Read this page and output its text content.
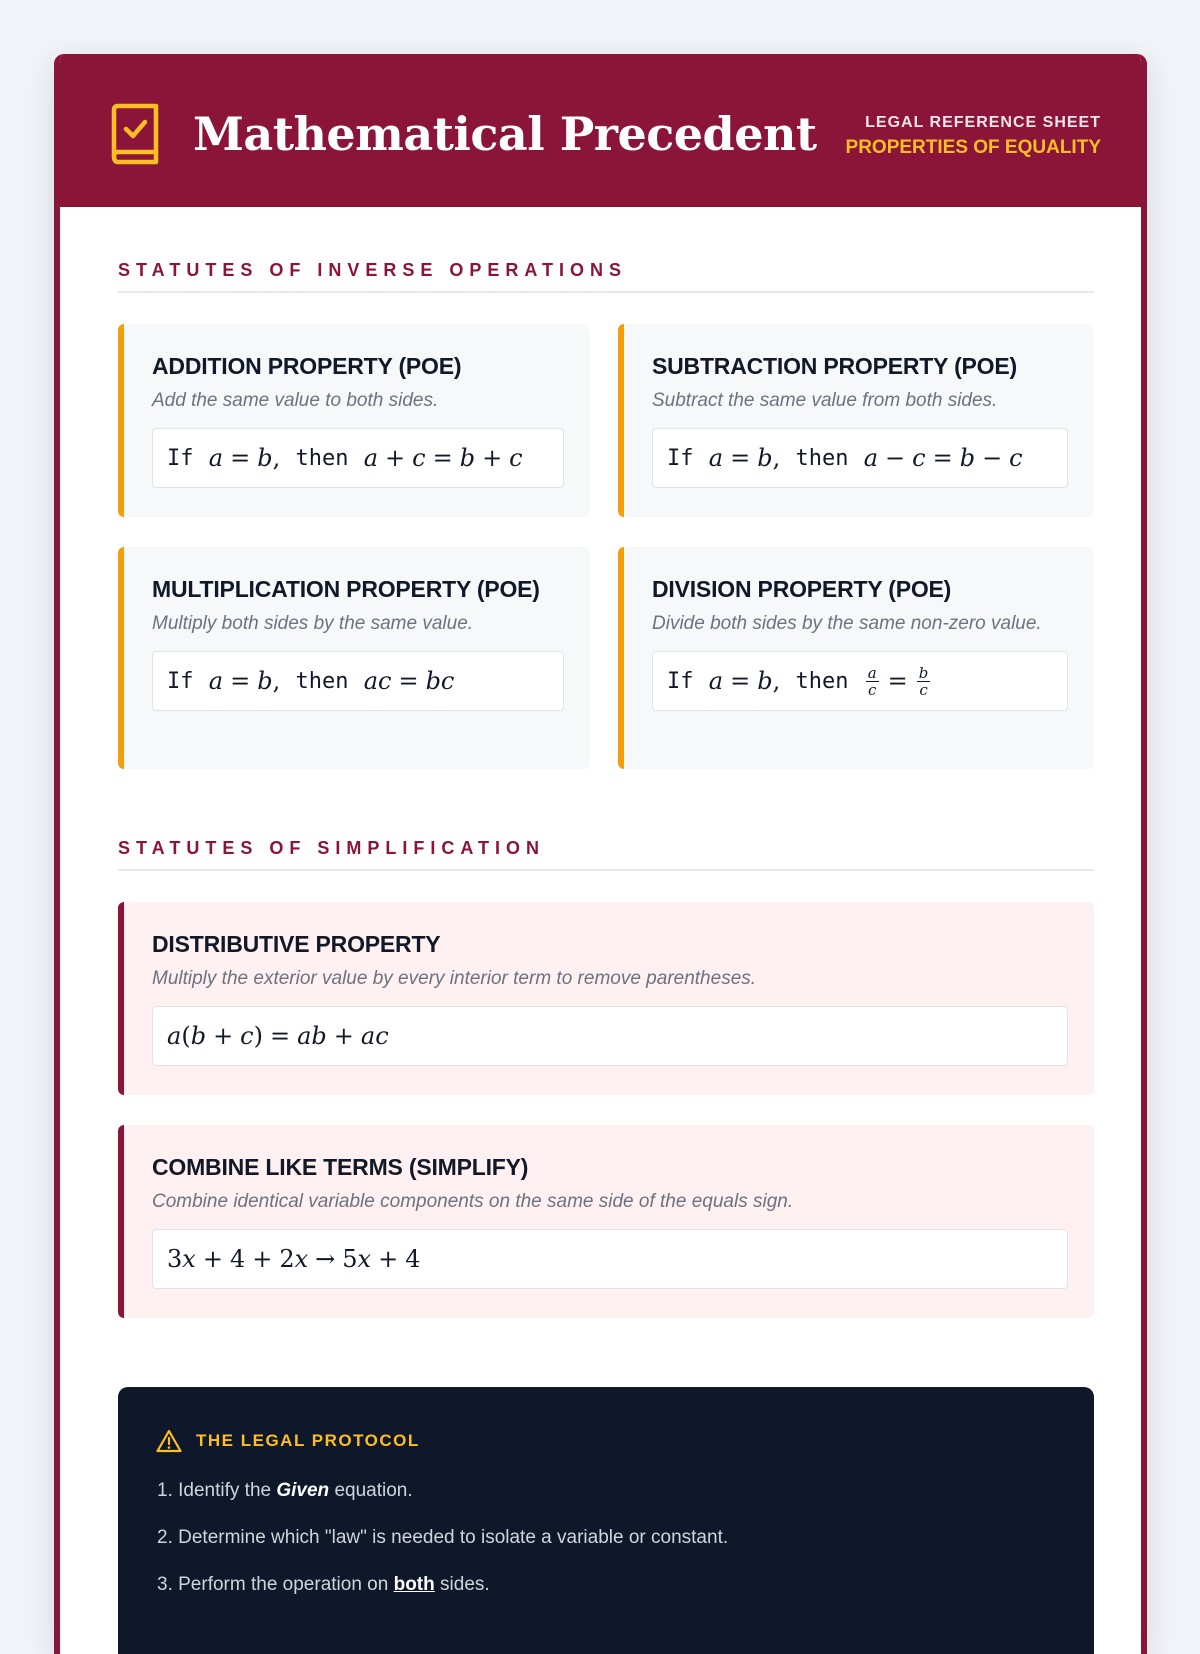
Mathematical Precedent	LEGAL REFERENCE SHEET
PROPERTIES OF EQUALITY
STATUTES OF INVERSE OPERATIONS
ADDITION PROPERTY (POE)

Add the same value to both sides.

If
a = b , then
a + c = b + c
SUBTRACTION PROPERTY (POE)

Subtract the same value from both sides.

If
a = b , then
a − c = b − c
MULTIPLICATION PROPERTY (POE)

Multiply both sides by the same value.

If
a = b , then
ac = bc
DIVISION PROPERTY (POE)

Divide both sides by the same non-zero value.

If
a = b , then
$\frac{a}{c} = \frac{b}{c}$
STATUTES OF SIMPLIFICATION
DISTRIBUTIVE PROPERTY

Multiply the exterior value by every interior term to remove parentheses.

a ( b + c ) = ab + ac
COMBINE LIKE TERMS (SIMPLIFY)

Combine identical variable components on the same side of the equals sign.

3 x + 4 + 2 x → 5 x + 4
THE LEGAL PROTOCOL
1. Identify the Given equation.
2. Determine which "law" is needed to isolate a variable or constant.
3. Perform the operation on both sides.
